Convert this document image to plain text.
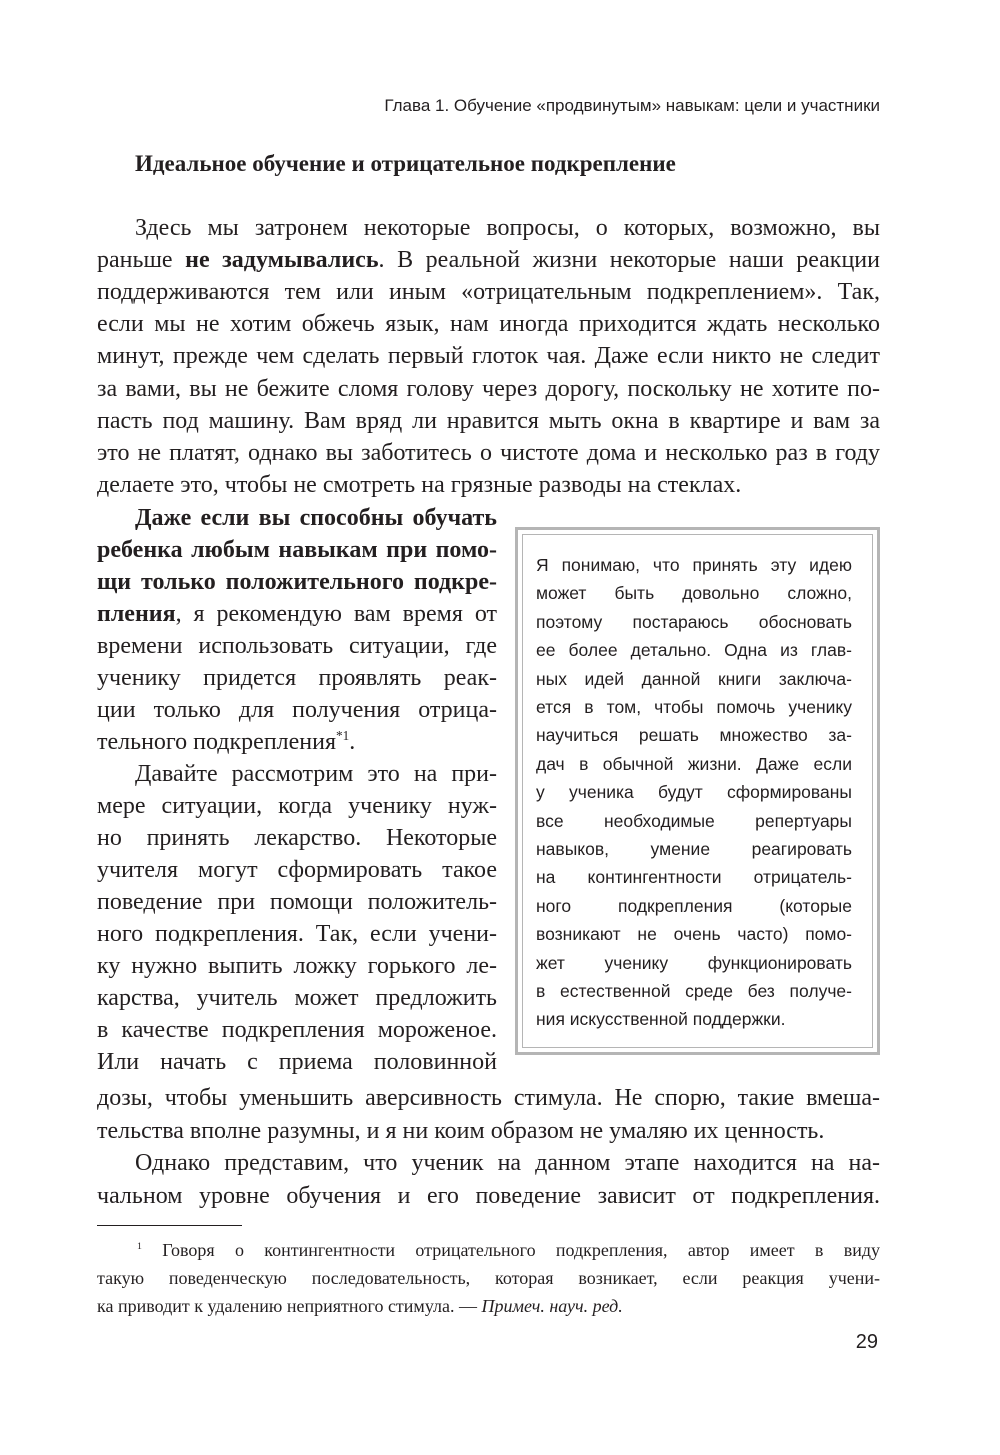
Глава 1. Обучение «продвинутым» навыкам: цели и участники
Идеальное обучение и отрицательное подкрепление
Здесь мы затронем некоторые вопросы, о которых, возможно, вы
раньше не задумывались. В реальной жизни некоторые наши реакции
поддерживаются тем или иным «отрицательным подкреплением». Так,
если мы не хотим обжечь язык, нам иногда приходится ждать несколько
минут, прежде чем сделать первый глоток чая. Даже если никто не следит
за вами, вы не бежите сломя голову через дорогу, поскольку не хотите по-
пасть под машину. Вам вряд ли нравится мыть окна в квартире и вам за
это не платят, однако вы заботитесь о чистоте дома и несколько раз в году
делаете это, чтобы не смотреть на грязные разводы на стеклах.
Даже если вы способны обучать
ребенка любым навыкам при помо-
щи только положительного подкре-
пления, я рекомендую вам время от
времени использовать ситуации, где
ученику придется проявлять реак-
ции только для получения отрица-
тельного подкрепления$^{*1}$.
Давайте рассмотрим это на при-
мере ситуации, когда ученику нуж-
но принять лекарство. Некоторые
учителя могут сформировать такое
поведение при помощи положитель-
ного подкрепления. Так, если учени-
ку нужно выпить ложку горького ле-
карства, учитель может предложить
в качестве подкрепления мороженое.
Или начать с приема половинной
дозы, чтобы уменьшить аверсивность стимула. Не спорю, такие вмеша-
тельства вполне разумны, и я ни коим образом не умаляю их ценность.
Однако представим, что ученик на данном этапе находится на на-
чальном уровне обучения и его поведение зависит от подкрепления.
Я понимаю, что принять эту идею
может быть довольно сложно,
поэтому постараюсь обосновать
ее более детально. Одна из глав-
ных идей данной книги заключа-
ется в том, чтобы помочь ученику
научиться решать множество за-
дач в обычной жизни. Даже если
у ученика будут сформированы
все необходимые репертуары
навыков, умение реагировать
на контингентности отрицатель-
ного подкрепления (которые
возникают не очень часто) помо-
жет ученику функционировать
в естественной среде без получе-
ния искусственной поддержки.
$^1$ Говоря о контингентности отрицательного подкрепления, автор имеет в виду
такую поведенческую последовательность, которая возникает, если реакция учени-
ка приводит к удалению неприятного стимула. — Примеч. науч. ред.
29
